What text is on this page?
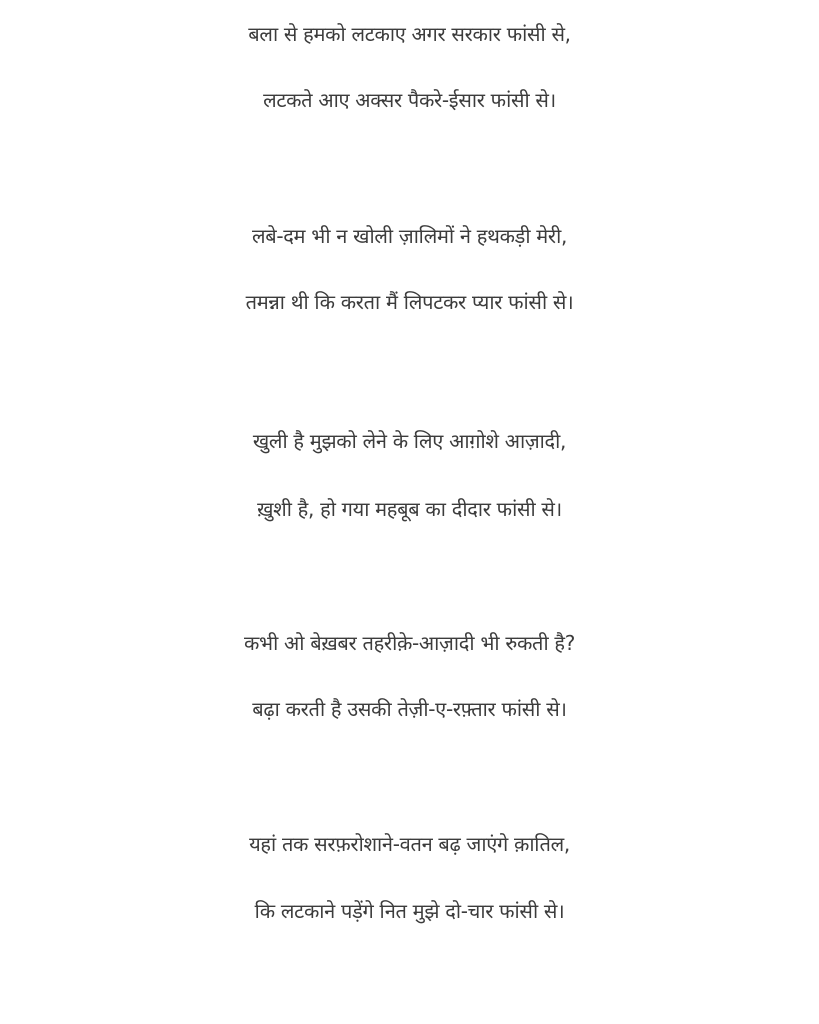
बला से हमको लटकाए अगर सरकार फांसी से,
लटकते आए अक्सर पैकरे-ईसार फांसी से।
लबे-दम भी न खोली ज़ालिमों ने हथकड़ी मेरी,
तमन्ना थी कि करता मैं लिपटकर प्यार फांसी से।
खुली है मुझको लेने के लिए आग़ोशे आज़ादी,
ख़ुशी है, हो गया महबूब का दीदार फांसी से।
कभी ओ बेख़बर तहरीके़-आज़ादी भी रुकती है?
बढ़ा करती है उसकी तेज़ी-ए-रफ़्तार फांसी से।
यहां तक सरफ़रोशाने-वतन बढ़ जाएंगे क़ातिल,
कि लटकाने पड़ेंगे नित मुझे दो-चार फांसी से।
